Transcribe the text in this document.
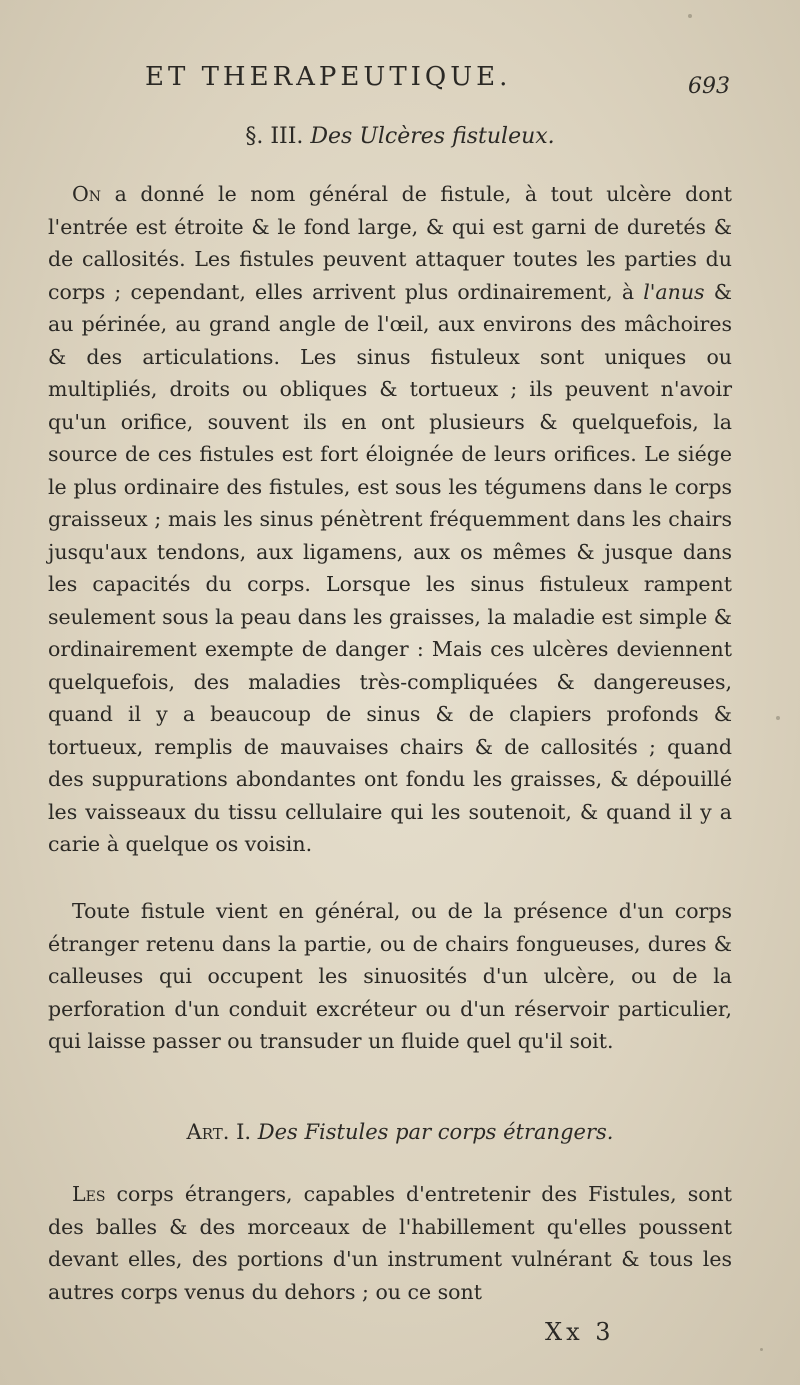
ET THERAPEUTIQUE.	693
§. III. Des Ulcères fistuleux.

On a donné le nom général de fistule, à tout ulcère dont l'entrée est étroite & le fond large, & qui est garni de duretés & de callosités. Les fistules peuvent attaquer toutes les parties du corps ; cependant, elles arrivent plus ordinairement, à l'anus & au périnée, au grand angle de l'œil, aux environs des mâchoires & des articulations. Les sinus fistuleux sont uniques ou multipliés, droits ou obliques & tortueux ; ils peuvent n'avoir qu'un orifice, souvent ils en ont plusieurs & quelquefois, la source de ces fistules est fort éloignée de leurs orifices. Le siége le plus ordinaire des fistules, est sous les tégumens dans le corps graisseux ; mais les sinus pénètrent fréquemment dans les chairs jusqu'aux tendons, aux ligamens, aux os mêmes & jusque dans les capacités du corps. Lorsque les sinus fistuleux rampent seulement sous la peau dans les graisses, la maladie est simple & ordinairement exempte de danger : Mais ces ulcères deviennent quelquefois, des maladies très-compliquées & dangereuses, quand il y a beaucoup de sinus & de clapiers profonds & tortueux, remplis de mauvaises chairs & de callosités ; quand des suppurations abondantes ont fondu les graisses, & dépouillé les vaisseaux du tissu cellulaire qui les soutenoit, & quand il y a carie à quelque os voisin.

Toute fistule vient en général, ou de la présence d'un corps étranger retenu dans la partie, ou de chairs fongueuses, dures & calleuses qui occupent les sinuosités d'un ulcère, ou de la perforation d'un conduit excréteur ou d'un réservoir particulier, qui laisse passer ou transuder un fluide quel qu'il soit.

Art. I. Des Fistules par corps étrangers.

Les corps étrangers, capables d'entretenir des Fistules, sont des balles & des morceaux de l'habillement qu'elles poussent devant elles, des portions d'un instrument vulnérant & tous les autres corps venus du dehors ; ou ce sont

Xx 3
